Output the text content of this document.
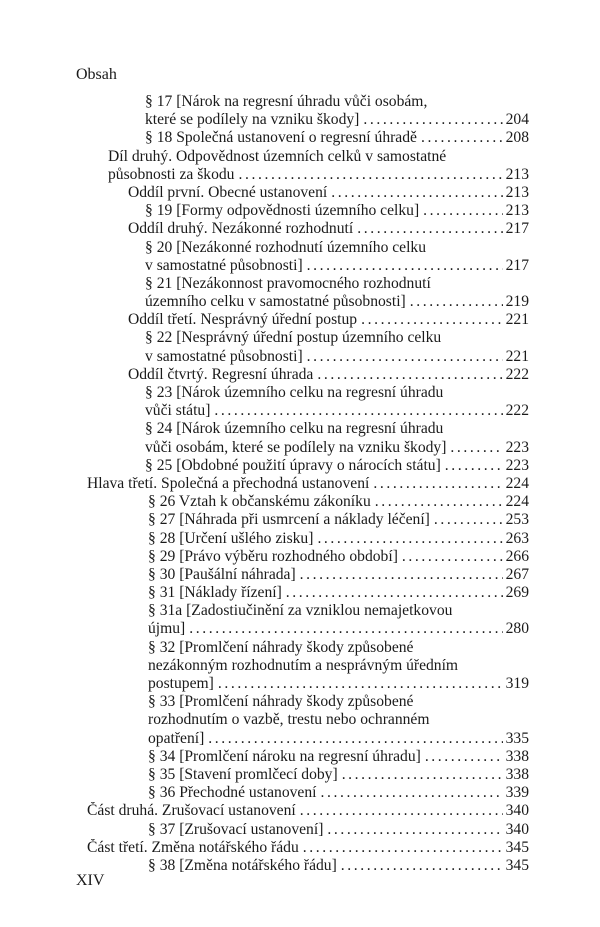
Obsah
§ 17 [Nárok na regresní úhradu vůči osobám,
které se podílely na vzniku škody] . . .	204
§ 18 Společná ustanovení o regresní úhradě . . .	208
Díl druhý. Odpovědnost územních celků v samostatné
působnosti za škodu . . .	213
Oddíl první. Obecné ustanovení . . .	213
§ 19 [Formy odpovědnosti územního celku] . . .	213
Oddíl druhý. Nezákonné rozhodnutí . . .	217
§ 20 [Nezákonné rozhodnutí územního celku
v samostatné působnosti] . . .	217
§ 21 [Nezákonnost pravomocného rozhodnutí
územního celku v samostatné působnosti] . . .	219
Oddíl třetí. Nesprávný úřední postup . . .	221
§ 22 [Nesprávný úřední postup územního celku
v samostatné působnosti] . . .	221
Oddíl čtvrtý. Regresní úhrada . . .	222
§ 23 [Nárok územního celku na regresní úhradu
vůči státu] . . .	222
§ 24 [Nárok územního celku na regresní úhradu
vůči osobám, které se podílely na vzniku škody] . . .	223
§ 25 [Obdobné použití úpravy o nárocích státu] . . .	223
Hlava třetí. Společná a přechodná ustanovení . . .	224
§ 26 Vztah k občanskému zákoníku . . .	224
§ 27 [Náhrada při usmrcení a náklady léčení] . . .	253
§ 28 [Určení ušlého zisku] . . .	263
§ 29 [Právo výběru rozhodného období] . . .	266
§ 30 [Paušální náhrada] . . .	267
§ 31 [Náklady řízení] . . .	269
§ 31a [Zadostiučinění za vzniklou nemajetkovou
újmu] . . .	280
§ 32 [Promlčení náhrady škody způsobené
nezákonným rozhodnutím a nesprávným úředním
postupem] . . .	319
§ 33 [Promlčení náhrady škody způsobené
rozhodnutím o vazbě, trestu nebo ochranném
opatření] . . .	335
§ 34 [Promlčení nároku na regresní úhradu] . . .	338
§ 35 [Stavení promlčecí doby] . . .	338
§ 36 Přechodné ustanovení . . .	339
Část druhá. Zrušovací ustanovení . . .	340
§ 37 [Zrušovací ustanovení] . . .	340
Část třetí. Změna notářského řádu . . .	345
§ 38 [Změna notářského řádu] . . .	345
XIV
